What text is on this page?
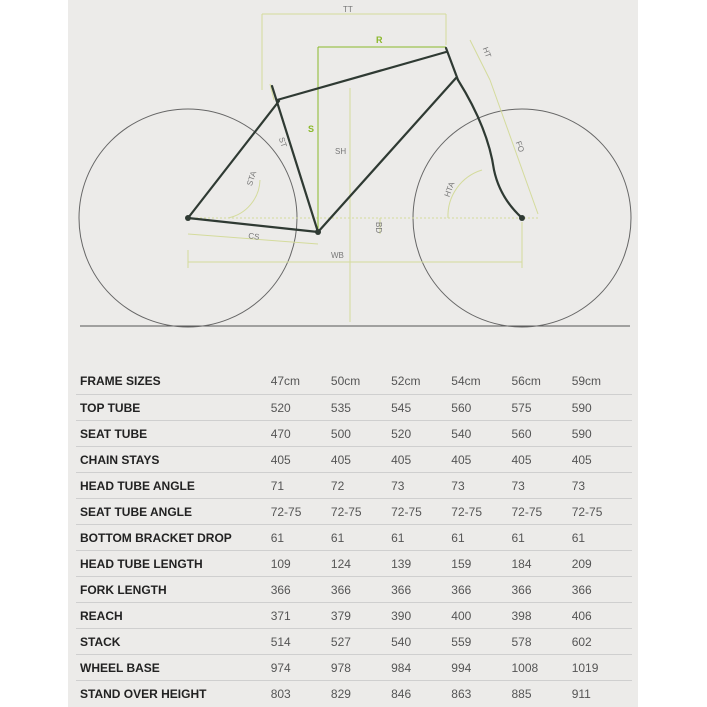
TT
R
HT
ST
S
SH
STA
FO
HTA
CS
BD
WB
FRAME SIZES	47cm	50cm	52cm	54cm	56cm	59cm
TOP TUBE	520	535	545	560	575	590
SEAT TUBE	470	500	520	540	560	590
CHAIN STAYS	405	405	405	405	405	405
HEAD TUBE ANGLE	71	72	73	73	73	73
SEAT TUBE ANGLE	72-75	72-75	72-75	72-75	72-75	72-75
BOTTOM BRACKET DROP	61	61	61	61	61	61
HEAD TUBE LENGTH	109	124	139	159	184	209
FORK LENGTH	366	366	366	366	366	366
REACH	371	379	390	400	398	406
STACK	514	527	540	559	578	602
WHEEL BASE	974	978	984	994	1008	1019
STAND OVER HEIGHT	803	829	846	863	885	911
